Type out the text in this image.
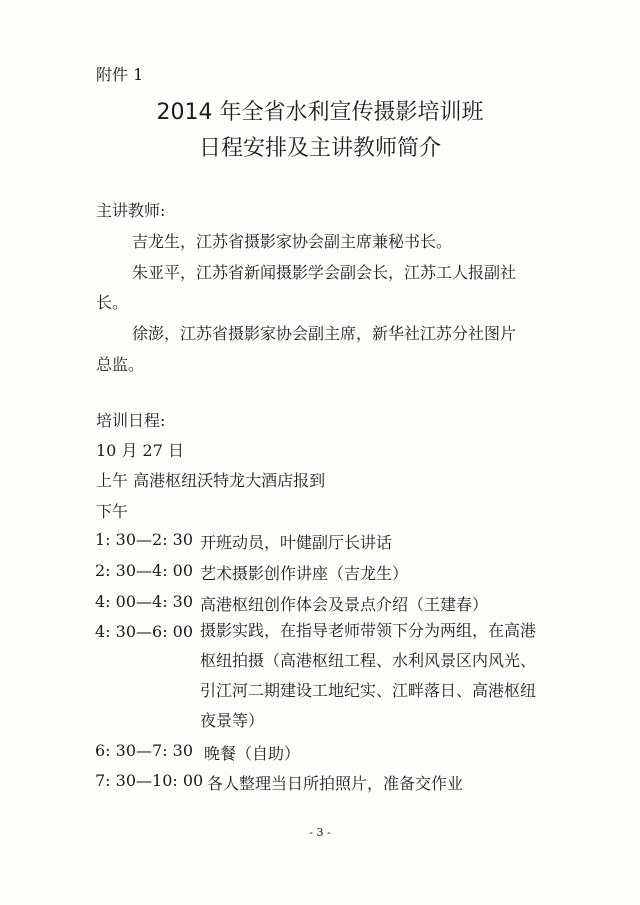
附件 1
2014 年全省水利宣传摄影培训班
日程安排及主讲教师简介
主讲教师:
吉龙生，江苏省摄影家协会副主席兼秘书长。
朱亚平，江苏省新闻摄影学会副会长，江苏工人报副社
长。
徐澎，江苏省摄影家协会副主席，新华社江苏分社图片
总监。
培训日程:
10 月 27 日
上午 高港枢纽沃特龙大酒店报到
下午
1: 30—2: 30 开班动员，叶健副厅长讲话
2: 30—4: 00 艺术摄影创作讲座（吉龙生）
4: 00—4: 30 高港枢纽创作体会及景点介绍（王建春）
4: 30—6: 00 摄影实践，在指导老师带领下分为两组，在高港枢纽拍摄（高港枢纽工程、水利风景区内风光、引江河二期建设工地纪实、江畔落日、高港枢纽夜景等）
6: 30—7: 30 晚餐（自助）
7: 30—10: 00 各人整理当日所拍照片，准备交作业
- 3 -
